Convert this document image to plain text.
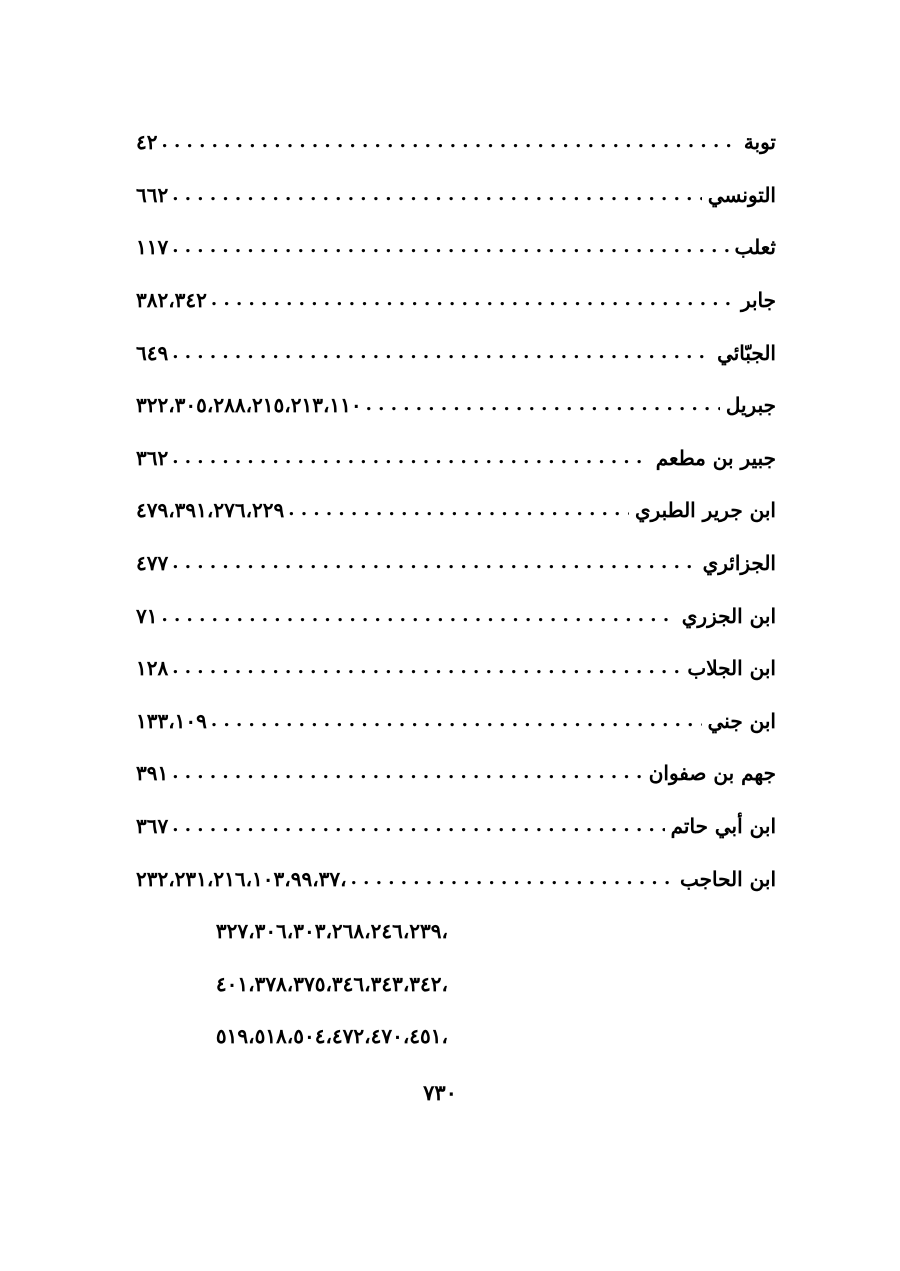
توبة
. . .
٤٢
التونسي
. . .
٦٦٢
ثعلب
. . .
١١٧
جابر
. . .
٣٨٢،٣٤٢
الجبّائي
. . .
٦٤٩
جبريل
. . .
٣٢٢،٣٠٥،٢٨٨،٢١٥،٢١٣،١١٠
جبير بن مطعم
. . .
٣٦٢
ابن جرير الطبري
. . .
٤٧٩،٣٩١،٢٧٦،٢٢٩
الجزائري
. . .
٤٧٧
ابن الجزري
. . .
٧١
ابن الجلاب
. . .
١٢٨
ابن جني
. . .
١٣٣،١٠٩
جهم بن صفوان
. . .
٣٩١
ابن أبي حاتم
. . .
٣٦٧
ابن الحاجب
. . .
،٢٣٢،٢٣١،٢١٦،١٠٣،٩٩،٣٧
،٣٢٧،٣٠٦،٣٠٣،٢٦٨،٢٤٦،٢٣٩
،٤٠١،٣٧٨،٣٧٥،٣٤٦،٣٤٣،٣٤٢
،٥١٩،٥١٨،٥٠٤،٤٧٢،٤٧٠،٤٥١
٧٣٠
